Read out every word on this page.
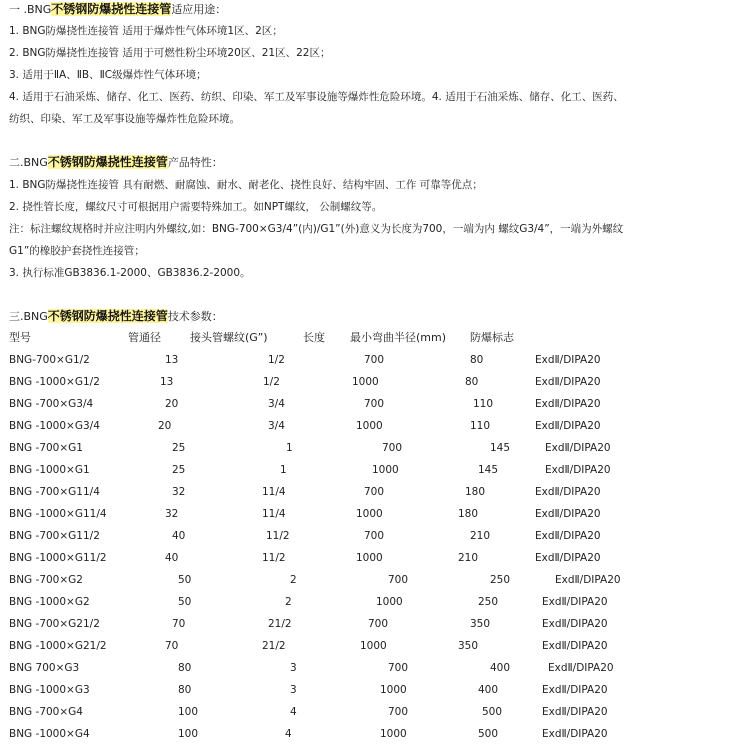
一 .BNG不锈钢防爆挠性连接管适应用途：
1. BNG防爆挠性连接管 适用于爆炸性气体环境1区、2区；
2. BNG防爆挠性连接管 适用于可燃性粉尘环境20区、21区、22区；
3. 适用于ⅡA、ⅡB、ⅡC级爆炸性气体环境；
4. 适用于石油采炼、储存、化工、医药、纺织、印染、军工及军事设施等爆炸性危险环境。4. 适用于石油采炼、储存、化工、医药、
纺织、印染、军工及军事设施等爆炸性危险环境。
二.BNG不锈钢防爆挠性连接管产品特性：
1. BNG防爆挠性连接管 具有耐燃、耐腐蚀、耐水、耐老化、挠性良好、结构牢固、工作 可靠等优点；
2. 挠性管长度，螺纹尺寸可根据用户需要特殊加工。如NPT螺纹， 公制螺纹等。
注：标注螺纹规格时并应注明内外螺纹,如：BNG-700×G3/4”(内)/G1”(外)意义为长度为700，一端为内 螺纹G3/4”，一端为外螺纹
G1”的橡胶护套挠性连接管；
3. 执行标准GB3836.1-2000、GB3836.2-2000。
三.BNG不锈钢防爆挠性连接管技术参数：
型号	管通径	接头管螺纹(G”)	长度 最小弯曲半径(mm) 防爆标志
BNG-700×G1/2	13	1/2	700	80	ExdⅡ/DIPA20
BNG -1000×G1/2	13	1/2	1000	80	ExdⅡ/DIPA20
BNG -700×G3/4	20	3/4	700	110	ExdⅡ/DIPA20
BNG -1000×G3/4	20	3/4	1000	110	ExdⅡ/DIPA20
BNG -700×G1	25	1	700	145	ExdⅡ/DIPA20
BNG -1000×G1	25	1	1000	145	ExdⅡ/DIPA20
BNG -700×G11/4	32	11/4	700	180	ExdⅡ/DIPA20
BNG -1000×G11/4	32	11/4	1000	180	ExdⅡ/DIPA20
BNG -700×G11/2	40	11/2	700	210	ExdⅡ/DIPA20
BNG -1000×G11/2	40	11/2	1000	210	ExdⅡ/DIPA20
BNG -700×G2	50	2	700	250	ExdⅡ/DIPA20
BNG -1000×G2	50	2	1000	250	ExdⅡ/DIPA20
BNG -700×G21/2	70	21/2	700	350	ExdⅡ/DIPA20
BNG -1000×G21/2	70	21/2	1000	350	ExdⅡ/DIPA20
BNG 700×G3	80	3	700	400	ExdⅡ/DIPA20
BNG -1000×G3	80	3	1000	400	ExdⅡ/DIPA20
BNG -700×G4	100	4	700	500	ExdⅡ/DIPA20
BNG -1000×G4	100	4	1000	500	ExdⅡ/DIPA20
